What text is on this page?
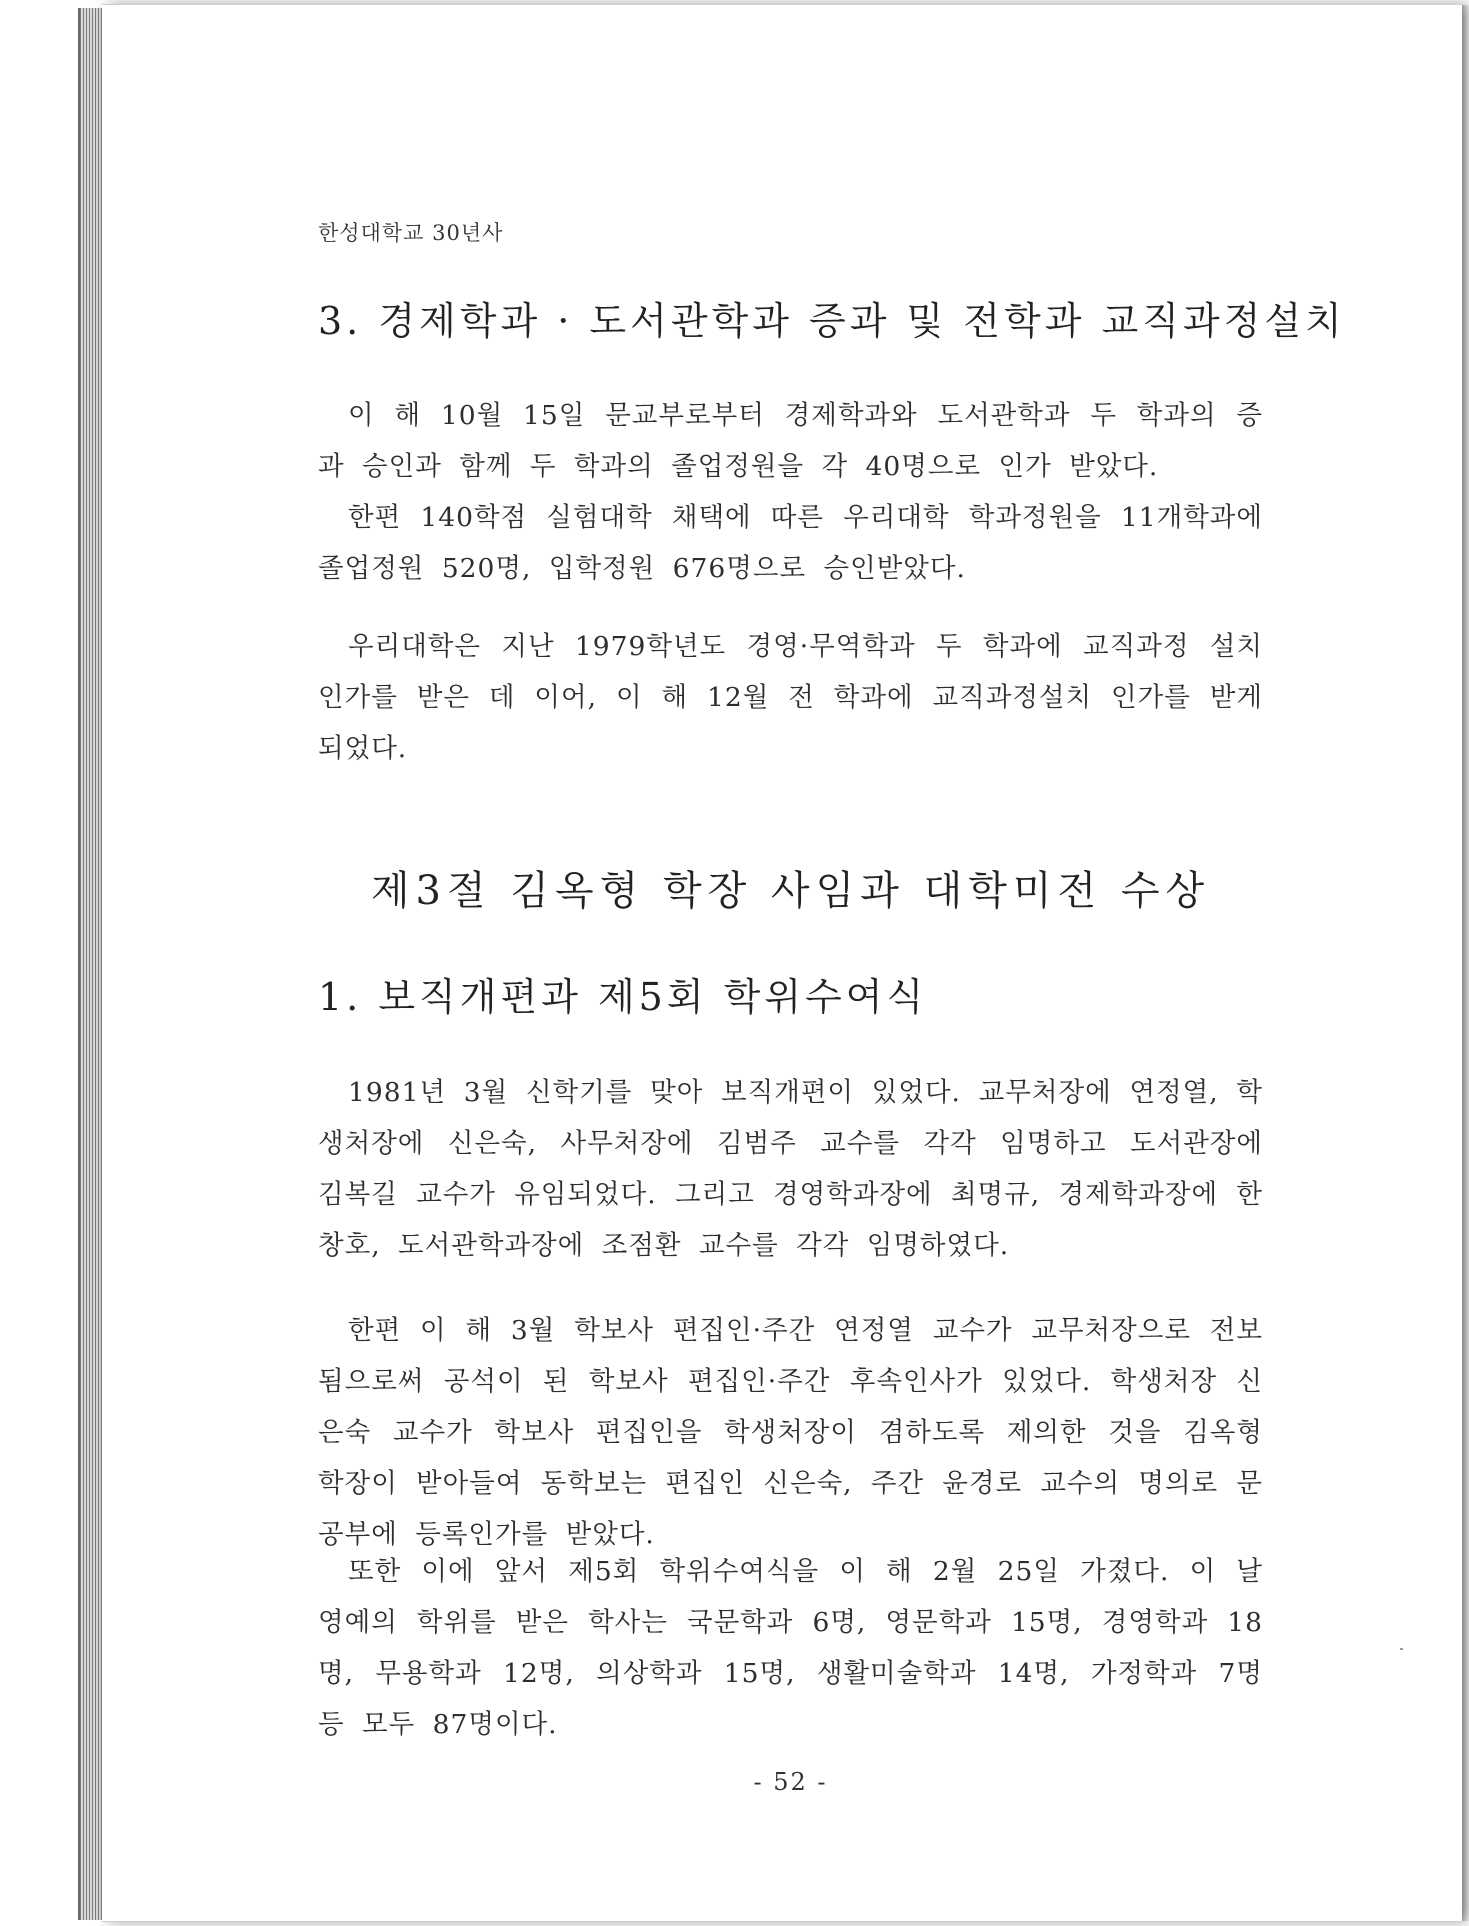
한성대학교 30년사
3. 경제학과 · 도서관학과 증과 및 전학과 교직과정설치

이 해 10월 15일 문교부로부터 경제학과와 도서관학과 두 학과의 증과 승인과 함께 두 학과의 졸업정원을 각 40명으로 인가 받았다.

한편 140학점 실험대학 채택에 따른 우리대학 학과정원을 11개학과에 졸업정원 520명, 입학정원 676명으로 승인받았다.

우리대학은 지난 1979학년도 경영·무역학과 두 학과에 교직과정 설치인가를 받은 데 이어, 이 해 12월 전 학과에 교직과정설치 인가를 받게 되었다.

제3절 김옥형 학장 사임과 대학미전 수상
1. 보직개편과 제5회 학위수여식

1981년 3월 신학기를 맞아 보직개편이 있었다. 교무처장에 연정열, 학생처장에 신은숙, 사무처장에 김범주 교수를 각각 임명하고 도서관장에 김복길 교수가 유임되었다. 그리고 경영학과장에 최명규, 경제학과장에 한창호, 도서관학과장에 조점환 교수를 각각 임명하였다.

한편 이 해 3월 학보사 편집인·주간 연정열 교수가 교무처장으로 전보됨으로써 공석이 된 학보사 편집인·주간 후속인사가 있었다. 학생처장 신은숙 교수가 학보사 편집인을 학생처장이 겸하도록 제의한 것을 김옥형 학장이 받아들여 동학보는 편집인 신은숙, 주간 윤경로 교수의 명의로 문공부에 등록인가를 받았다.

또한 이에 앞서 제5회 학위수여식을 이 해 2월 25일 가졌다. 이 날 영예의 학위를 받은 학사는 국문학과 6명, 영문학과 15명, 경영학과 18명, 무용학과 12명, 의상학과 15명, 생활미술학과 14명, 가정학과 7명 등 모두 87명이다.

- 52 -
